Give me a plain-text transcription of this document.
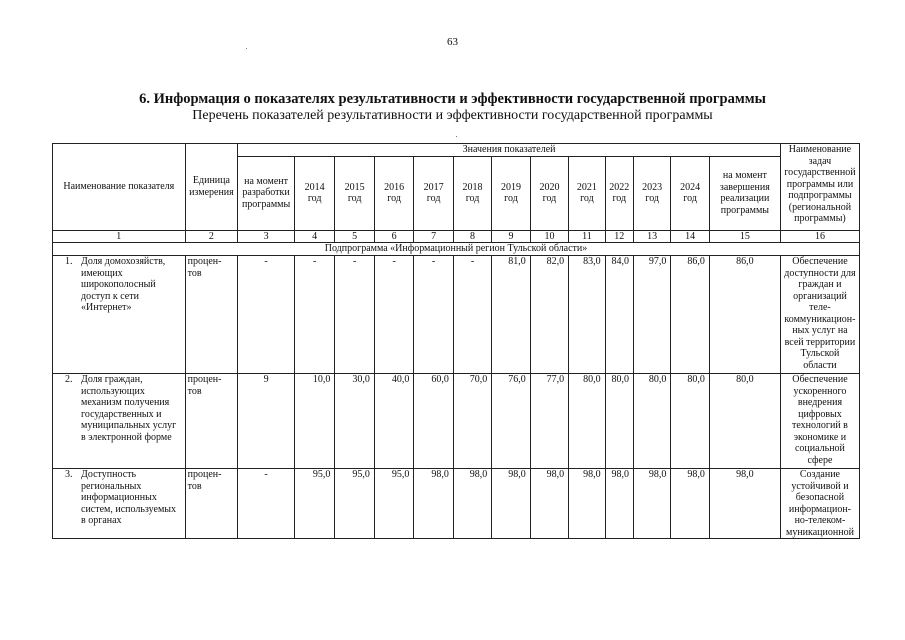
63
6. Информация о показателях результативности и эффективности государственной программы
Перечень показателей результативности и эффективности государственной программы
Наименование показателя	Единица измерения	Значения показателей													Наименование задач государственной программы или подпрограммы (региональной программы)
		на момент разработки программы	2014 год	2015 год	2016 год	2017 год	2018 год	2019 год	2020 год	2021 год	2022 год	2023 год	2024 год	на момент завершения реализации программы	
1	2	3	4	5	6	7	8	9	10	11	12	13	14	15	16
Подпрограмма «Информационный регион Тульской области»															

1. Доля домохозяйств, имеющих широкополосный доступ к сети «Интернет»	процен-тов	-	-	-	-	-	-	81,0	82,0	83,0	84,0	97,0	86,0	86,0	Обеспечение доступности для граждан и организаций теле-коммуникацион-ных услуг на всей территории Тульской области

2. Доля граждан, использующих механизм получения государственных и муниципальных услуг в электронной форме	процен-тов	9	10,0	30,0	40,0	60,0	70,0	76,0	77,0	80,0	80,0	80,0	80,0	80,0	Обеспечение ускоренного внедрения цифровых технологий в экономике и социальной сфере

3. Доступность региональных информационных систем, используемых в органах	процен-тов	-	95,0	95,0	95,0	98,0	98,0	98,0	98,0	98,0	98,0	98,0	98,0	98,0	Создание устойчивой и безопасной информацион-но-телеком-муникационной
